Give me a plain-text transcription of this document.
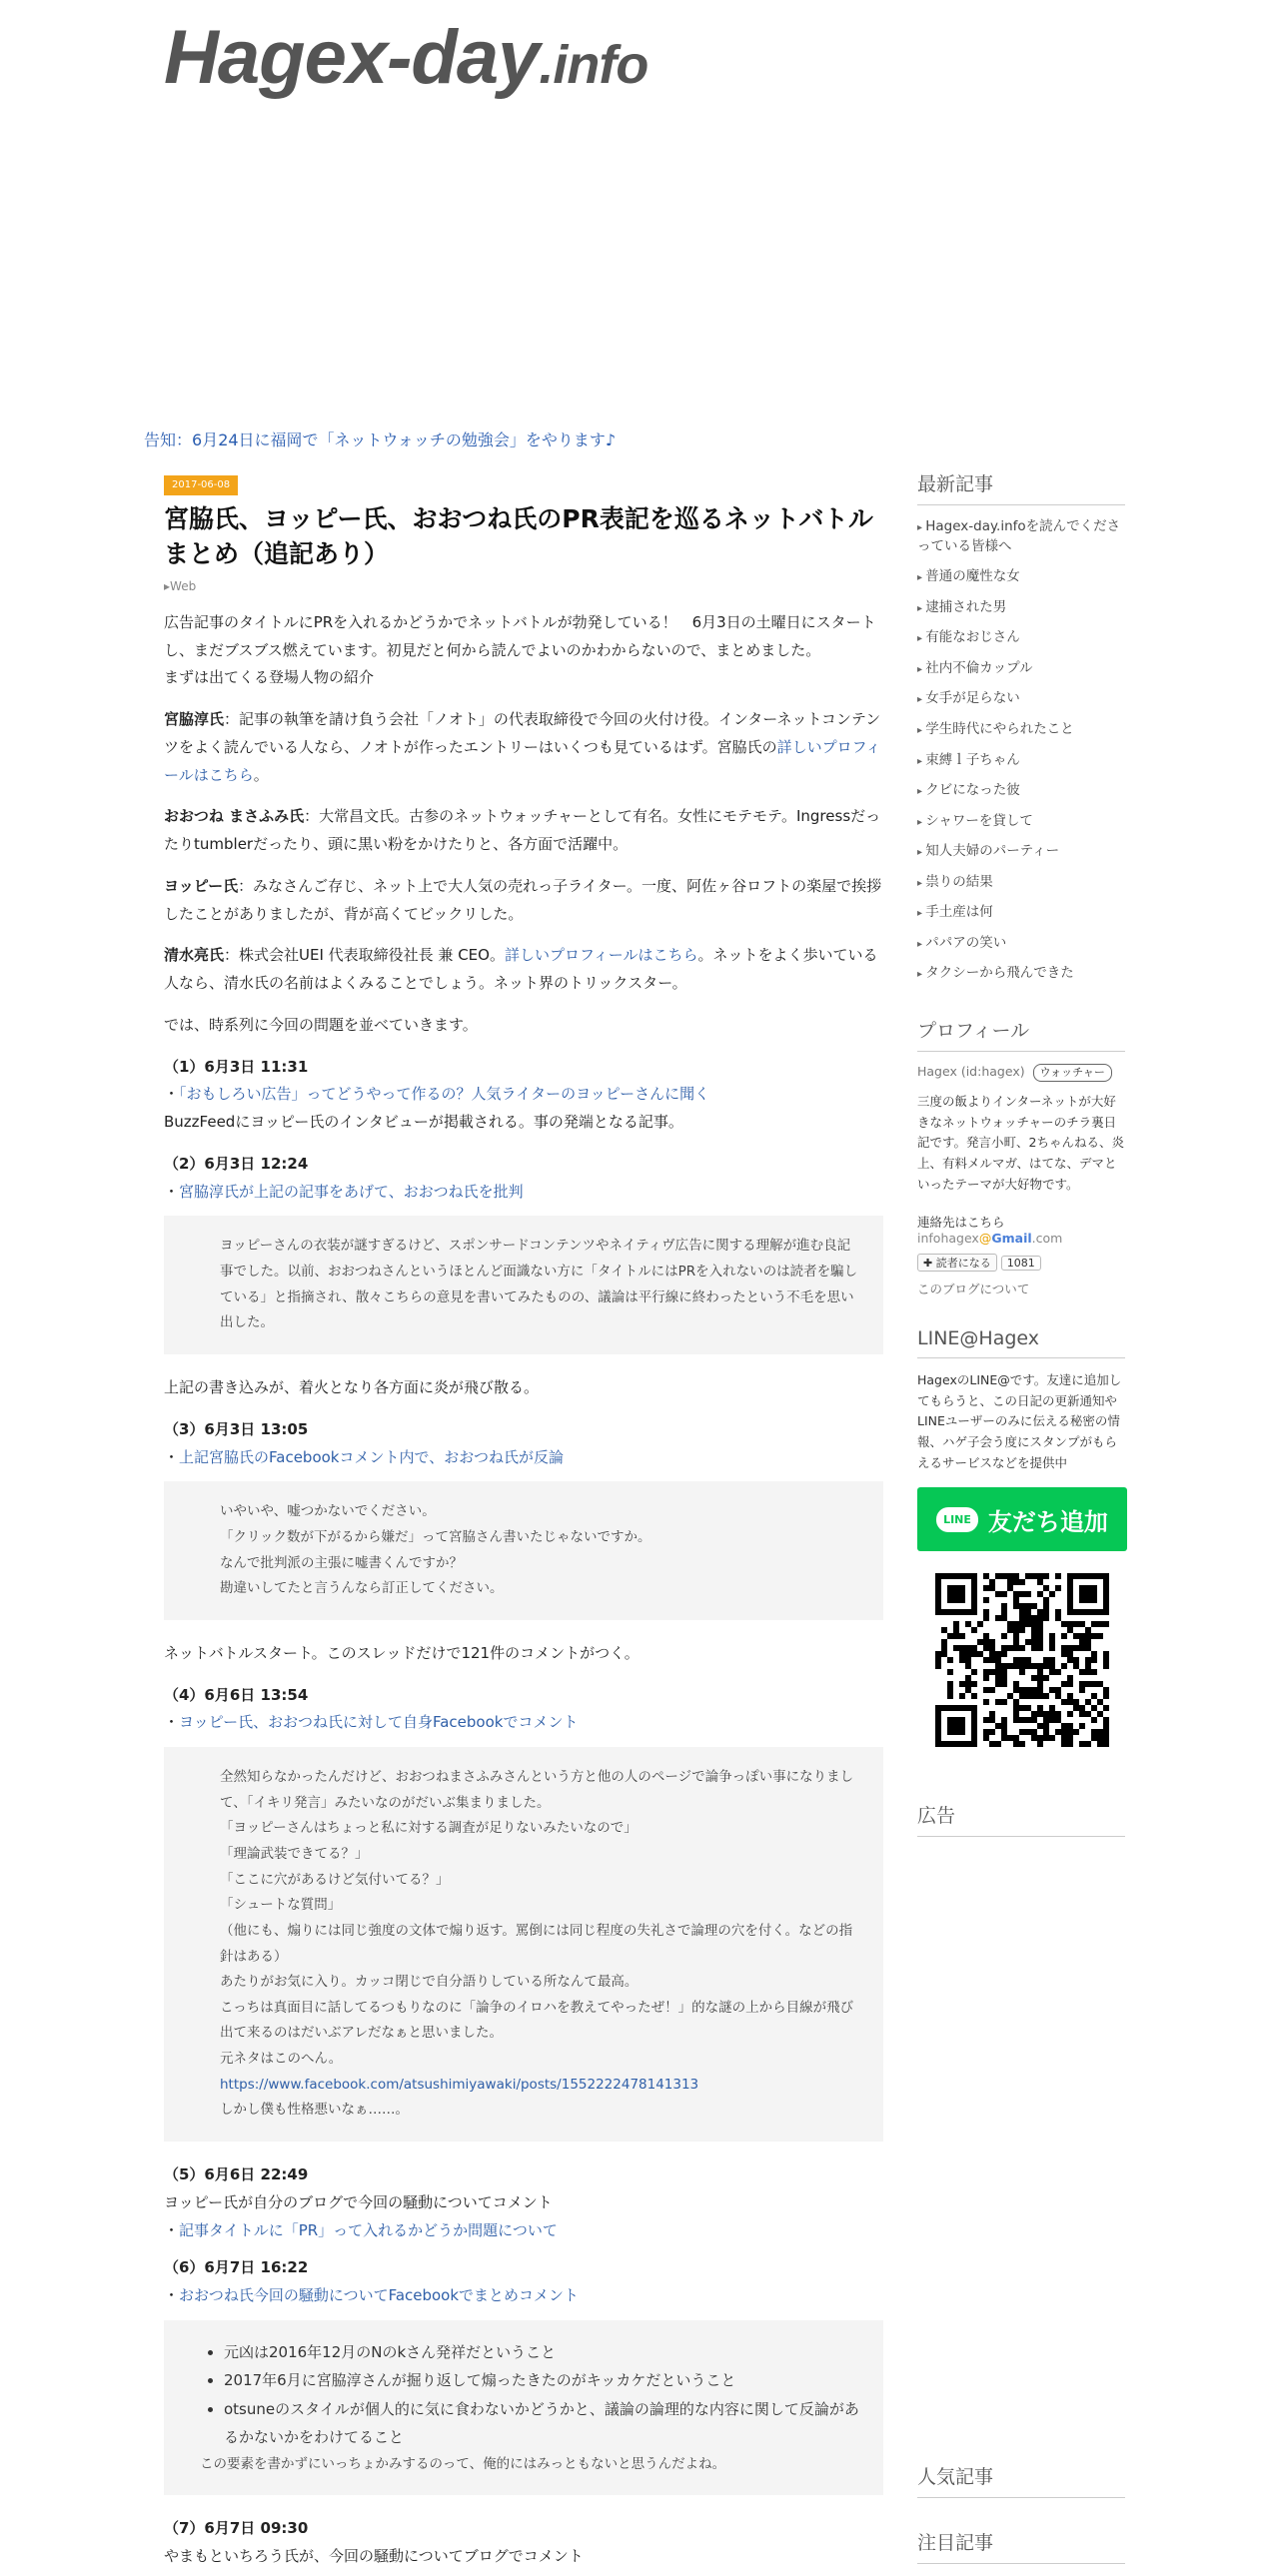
Hagex-day.info
告知：6月24日に福岡で「ネットウォッチの勉強会」をやります♪
2017-06-08
宮脇氏、ヨッピー氏、おおつね氏のPR表記を巡るネットバトルまとめ（追記あり）
▸Web

広告記事のタイトルにPRを入れるかどうかでネットバトルが勃発している！　6月3日の土曜日にスタートし、まだブスブス燃えています。初見だと何から読んでよいのかわからないので、まとめました。
まずは出てくる登場人物の紹介

宮脇淳氏：記事の執筆を請け負う会社「ノオト」の代表取締役で今回の火付け役。インターネットコンテンツをよく読んでいる人なら、ノオトが作ったエントリーはいくつも見ているはず。宮脇氏の詳しいプロフィールはこちら。

おおつね まさふみ氏：大常昌文氏。古参のネットウォッチャーとして有名。女性にモテモテ。Ingressだったりtumblerだったり、頭に黒い粉をかけたりと、各方面で活躍中。

ヨッピー氏：みなさんご存じ、ネット上で大人気の売れっ子ライター。一度、阿佐ヶ谷ロフトの楽屋で挨拶したことがありましたが、背が高くてビックリした。

清水亮氏：株式会社UEI 代表取締役社長 兼 CEO。詳しいプロフィールはこちら。ネットをよく歩いている人なら、清水氏の名前はよくみることでしょう。ネット界のトリックスター。

では、時系列に今回の問題を並べていきます。

（1）6月3日 11:31
・「おもしろい広告」ってどうやって作るの？人気ライターのヨッピーさんに聞く

BuzzFeedにヨッピー氏のインタビューが掲載される。事の発端となる記事。

（2）6月3日 12:24
・宮脇淳氏が上記の記事をあげて、おおつね氏を批判
ヨッピーさんの衣装が謎すぎるけど、スポンサードコンテンツやネイティヴ広告に関する理解が進む良記事でした。以前、おおつねさんというほとんど面識ない方に「タイトルにはPRを入れないのは読者を騙している」と指摘され、散々こちらの意見を書いてみたものの、議論は平行線に終わったという不毛を思い出した。

上記の書き込みが、着火となり各方面に炎が飛び散る。

（3）6月3日 13:05
・上記宮脇氏のFacebookコメント内で、おおつね氏が反論
いやいや、嘘つかないでください。
「クリック数が下がるから嫌だ」って宮脇さん書いたじゃないですか。
なんで批判派の主張に嘘書くんですか？
勘違いしてたと言うんなら訂正してください。

ネットバトルスタート。このスレッドだけで121件のコメントがつく。

（4）6月6日 13:54
・ヨッピー氏、おおつね氏に対して自身Facebookでコメント
全然知らなかったんだけど、おおつねまさふみさんという方と他の人のページで論争っぽい事になりまして、「イキリ発言」みたいなのがだいぶ集まりました。
「ヨッピーさんはちょっと私に対する調査が足りないみたいなので」
「理論武装できてる？」
「ここに穴があるけど気付いてる？」
「シュートな質問」
（他にも、煽りには同じ強度の文体で煽り返す。罵倒には同じ程度の失礼さで論理の穴を付く。などの指針はある）
あたりがお気に入り。カッコ閉じで自分語りしている所なんて最高。
こっちは真面目に話してるつもりなのに「論争のイロハを教えてやったぜ！」的な謎の上から目線が飛び出て来るのはだいぶアレだなぁと思いました。
元ネタはこのへん。
https://www.facebook.com/atsushimiyawaki/posts/1552222478141313
しかし僕も性格悪いなぁ……。
（5）6月6日 22:49
ヨッピー氏が自分のブログで今回の騒動についてコメント
・記事タイトルに「PR」って入れるかどうか問題について
（6）6月7日 16:22
・おおつね氏今回の騒動についてFacebookでまとめコメント
• 元凶は2016年12月のNのkさん発祥だということ
• 2017年6月に宮脇淳さんが掘り返して煽ったきたのがキッカケだということ
• otsuneのスタイルが個人的に気に食わないかどうかと、議論の論理的な内容に関して反論があるかないかをわけてること
この要素を書かずにいっちょかみするのって、俺的にはみっともないと思うんだよね。
（7）6月7日 09:30
やまもといちろう氏が、今回の騒動についてブログでコメント
最新記事
▸ Hagex-day.infoを読んでくださっている皆様へ
▸ 普通の魔性な女
▸ 逮捕された男
▸ 有能なおじさん
▸ 社内不倫カップル
▸ 女手が足らない
▸ 学生時代にやられたこと
▸ 束縛ｌ子ちゃん
▸ クビになった彼
▸ シャワーを貸して
▸ 知人夫婦のパーティー
▸ 祟りの結果
▸ 手土産は何
▸ パパアの笑い
▸ タクシーから飛んできた
プロフィール
Hagex (id:hagex) ウォッチャー
三度の飯よりインターネットが大好きなネットウォッチャーのチラ裏日記です。発言小町、2ちゃんねる、炎上、有料メルマガ、はてな、デマといったテーマが大好物です。
連絡先はこちら
infohagex@Gmail.com
✚ 読者になる 1081
このブログについて
LINE@Hagex
HagexのLINE@です。友達に追加してもらうと、この日記の更新通知やLINEユーザーのみに伝える秘密の情報、ハゲ子会う度にスタンプがもらえるサービスなどを提供中
LINE 友だち追加
広告
人気記事
注目記事
